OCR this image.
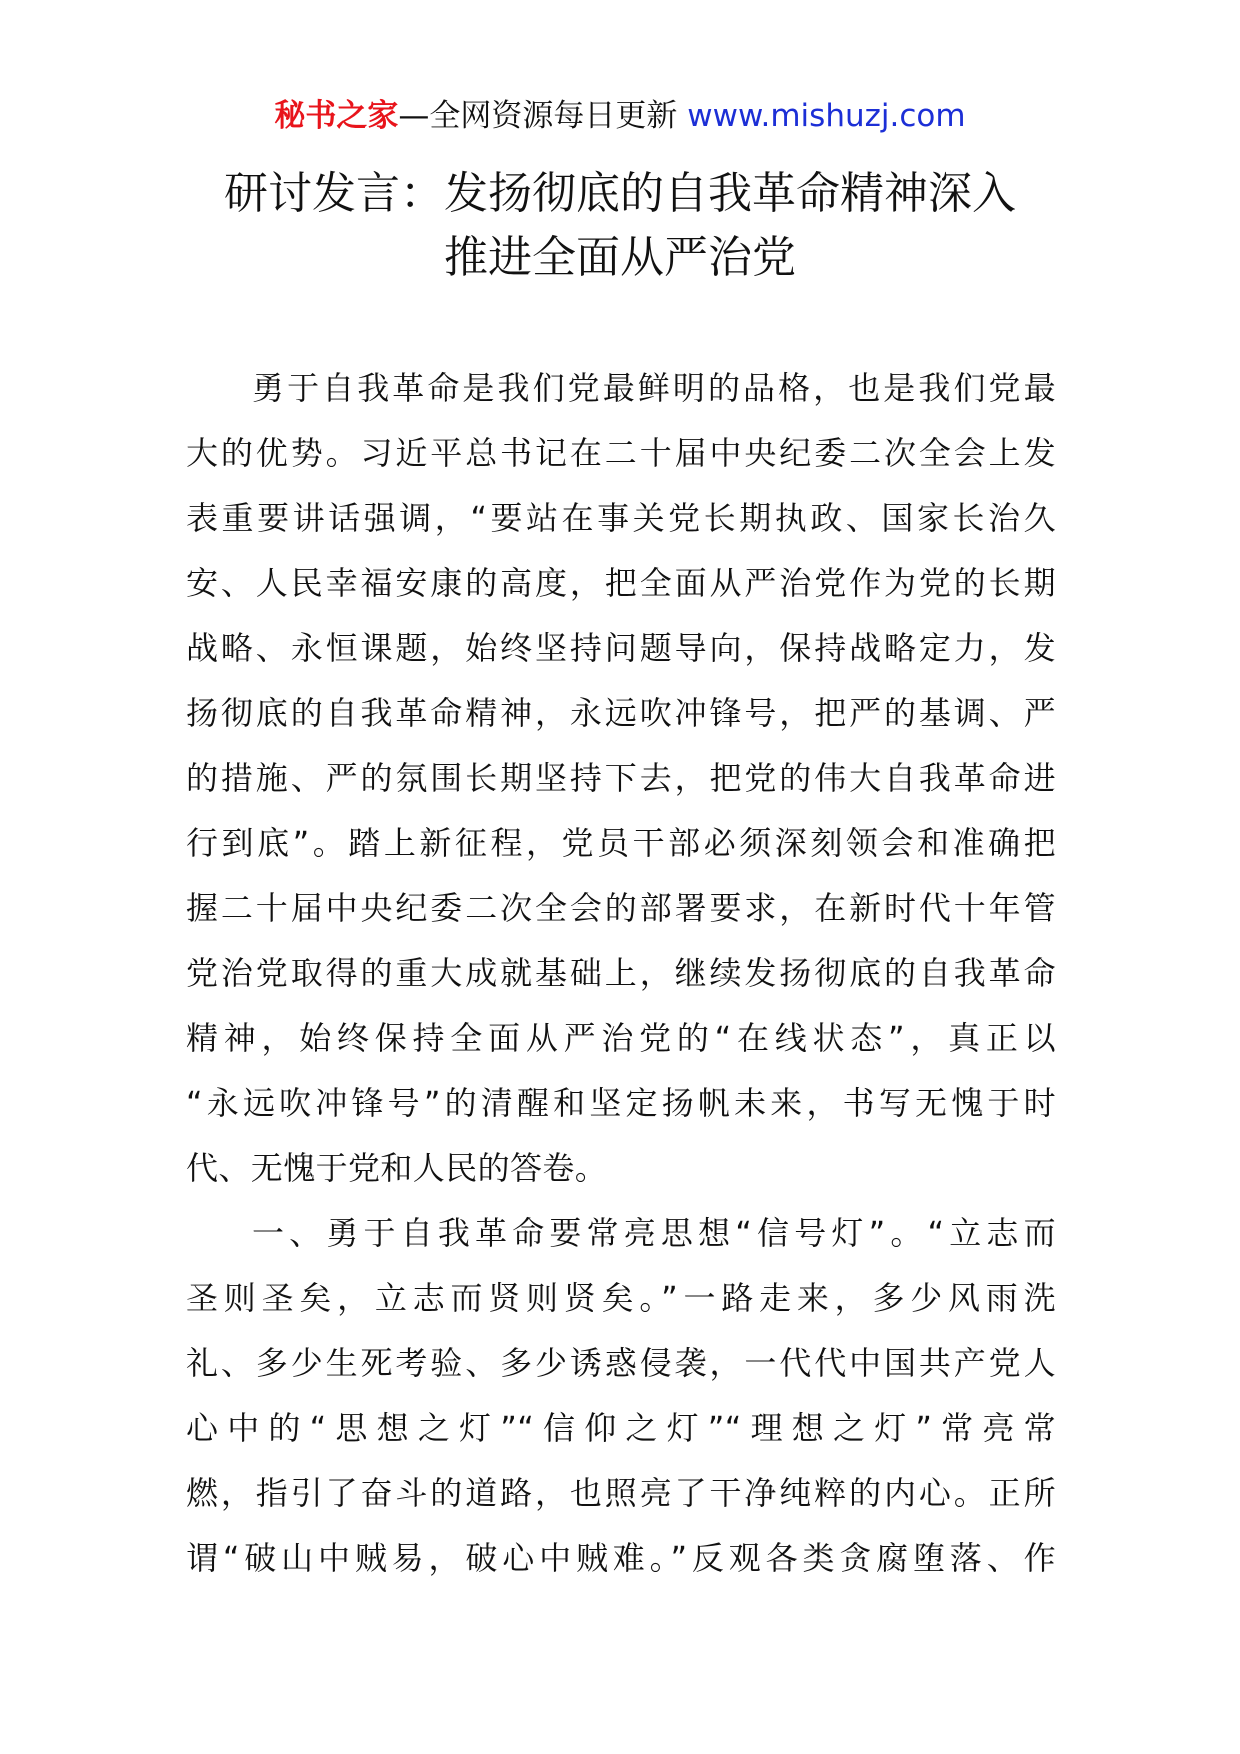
秘书之家—全网资源每日更新 www.mishuzj.com
研讨发言：发扬彻底的自我革命精神深入
推进全面从严治党

勇于自我革命是我们党最鲜明的品格，也是我们党最
大的优势。习近平总书记在二十届中央纪委二次全会上发
表重要讲话强调，“要站在事关党长期执政、国家长治久
安、人民幸福安康的高度，把全面从严治党作为党的长期
战略、永恒课题，始终坚持问题导向，保持战略定力，发
扬彻底的自我革命精神，永远吹冲锋号，把严的基调、严
的措施、严的氛围长期坚持下去，把党的伟大自我革命进
行到底”。踏上新征程，党员干部必须深刻领会和准确把
握二十届中央纪委二次全会的部署要求，在新时代十年管
党治党取得的重大成就基础上，继续发扬彻底的自我革命
精神，始终保持全面从严治党的“在线状态”，真正以
“永远吹冲锋号”的清醒和坚定扬帆未来，书写无愧于时
代、无愧于党和人民的答卷。

一、勇于自我革命要常亮思想“信号灯”。“立志而
圣则圣矣，立志而贤则贤矣。”一路走来，多少风雨洗
礼、多少生死考验、多少诱惑侵袭，一代代中国共产党人
心中的“思想之灯”“信仰之灯”“理想之灯”常亮常
燃，指引了奋斗的道路，也照亮了干净纯粹的内心。正所
谓“破山中贼易，破心中贼难。”反观各类贪腐堕落、作
